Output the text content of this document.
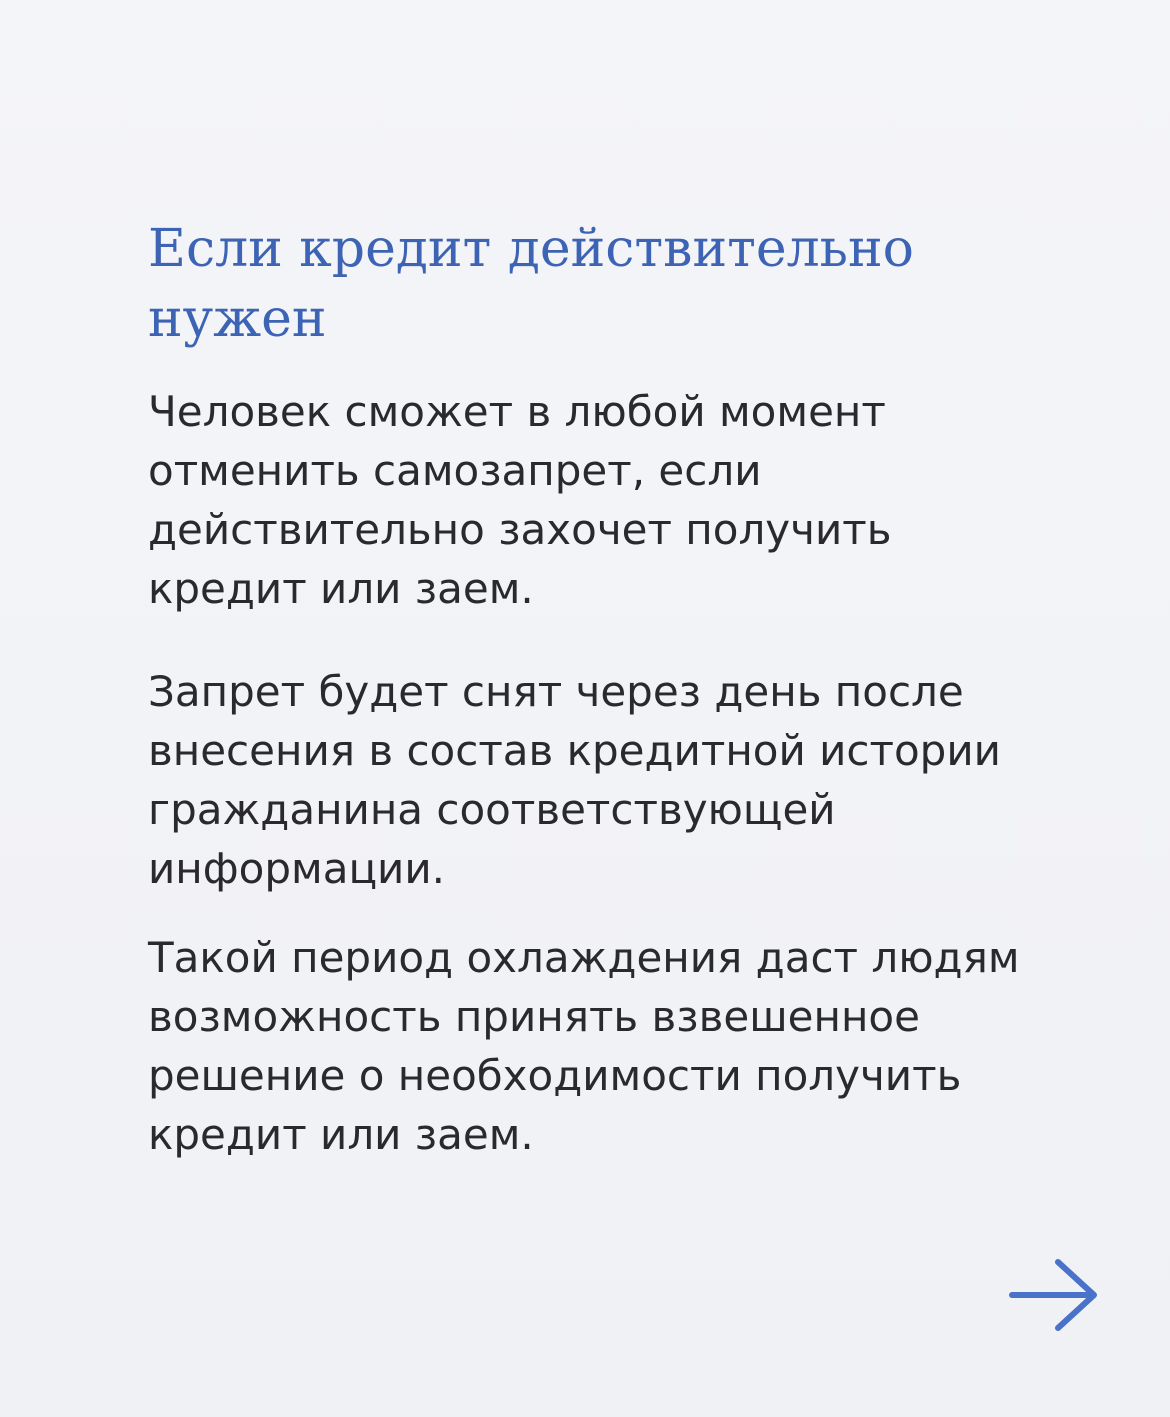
Если кредит действительно
нужен

Человек сможет в любой момент
отменить самозапрет, если
действительно захочет получить
кредит или заем.

Запрет будет снят через день после
внесения в состав кредитной истории
гражданина соответствующей
информации.

Такой период охлаждения даст людям
возможность принять взвешенное
решение о необходимости получить
кредит или заем.
